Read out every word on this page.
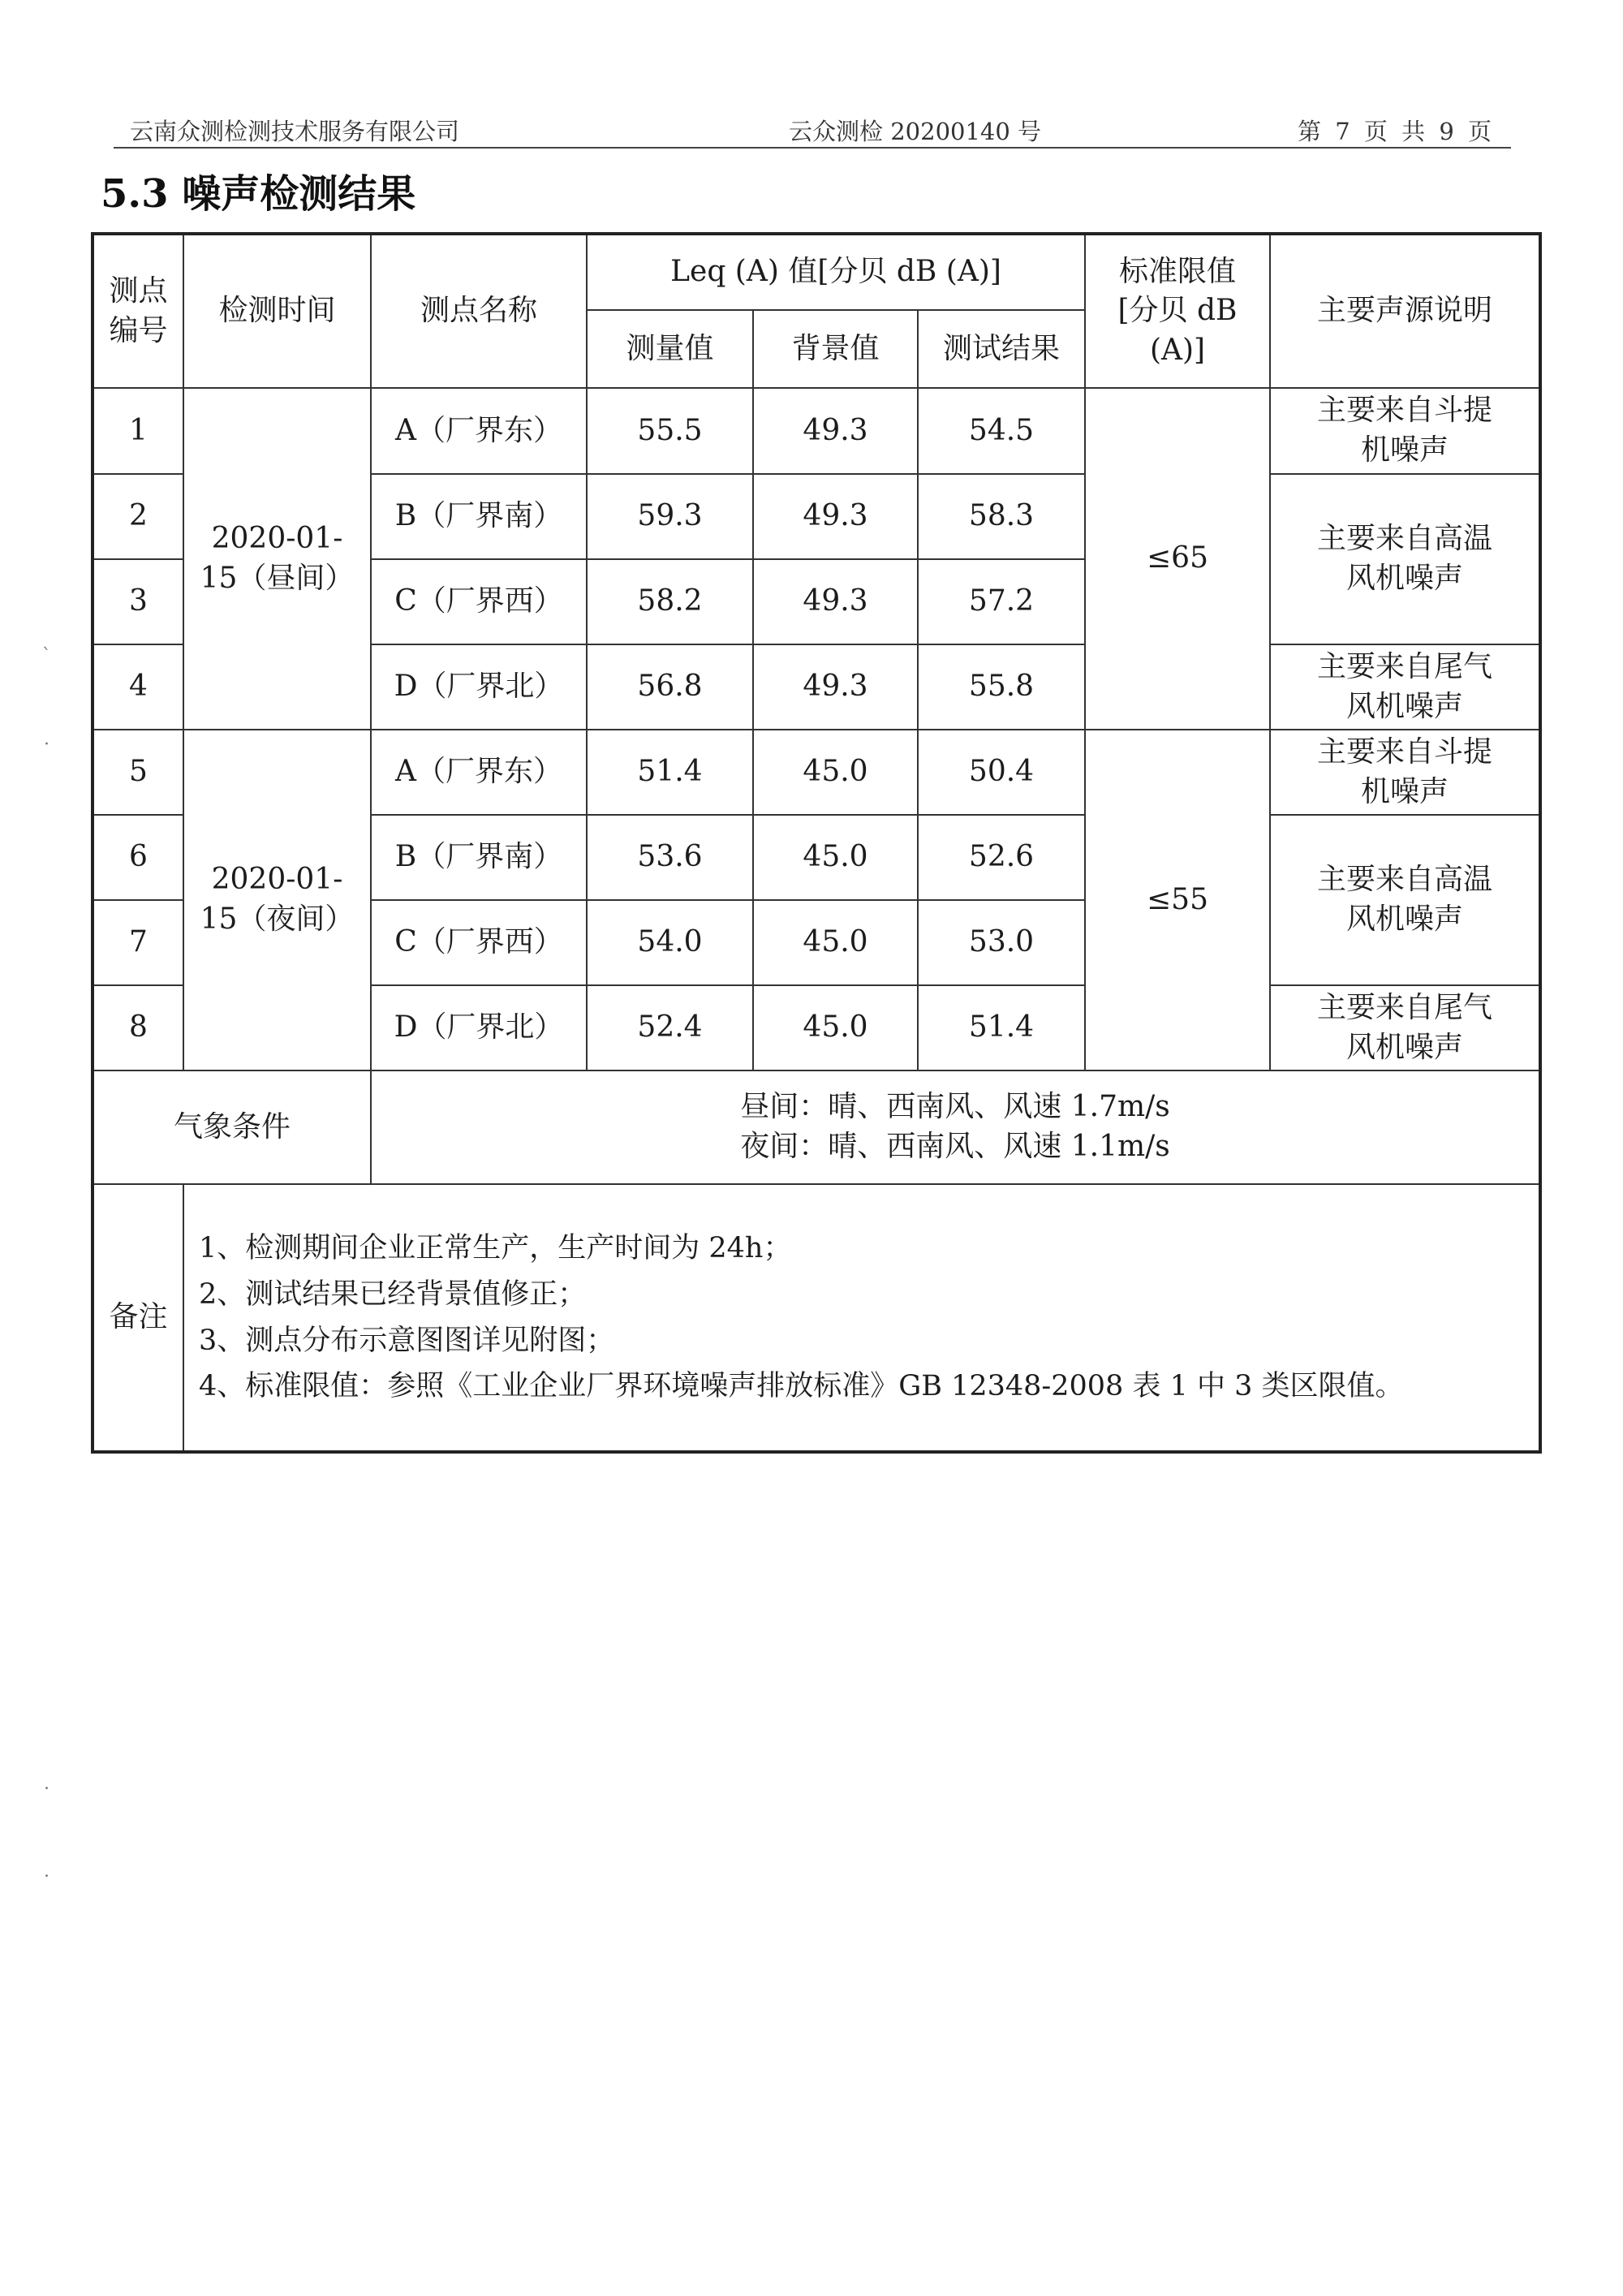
云南众测检测技术服务有限公司	云众测检 20200140 号	第 7 页 共 9 页
5.3 噪声检测结果
测点编号	检测时间	测点名称	Leq (A) 值[分贝 dB (A)]			标准限值[分贝 dB (A)]	主要声源说明
			测量值	背景值	测试结果		
1	2020-01-15（昼间）	A（厂界东）	55.5	49.3	54.5	≤65	主要来自斗提机噪声
2		B（厂界南）	59.3	49.3	58.3		主要来自高温风机噪声
3		C（厂界西）	58.2	49.3	57.2		
4		D（厂界北）	56.8	49.3	55.8		主要来自尾气风机噪声
5	2020-01-15（夜间）	A（厂界东）	51.4	45.0	50.4	≤55	主要来自斗提机噪声
6		B（厂界南）	53.6	45.0	52.6		主要来自高温风机噪声
7		C（厂界西）	54.0	45.0	53.0		
8		D（厂界北）	52.4	45.0	51.4		主要来自尾气风机噪声
气象条件		昼间：晴、西南风、风速 1.7m/s
夜间：晴、西南风、风速 1.1m/s					

备注	1、检测期间企业正常生产，生产时间为 24h；
2、测试结果已经背景值修正；
3、测点分布示意图图详见附图；
4、标准限值：参照《工业企业厂界环境噪声排放标准》GB 12348-2008 表 1 中 3 类区限值。						
`
·
·
·
